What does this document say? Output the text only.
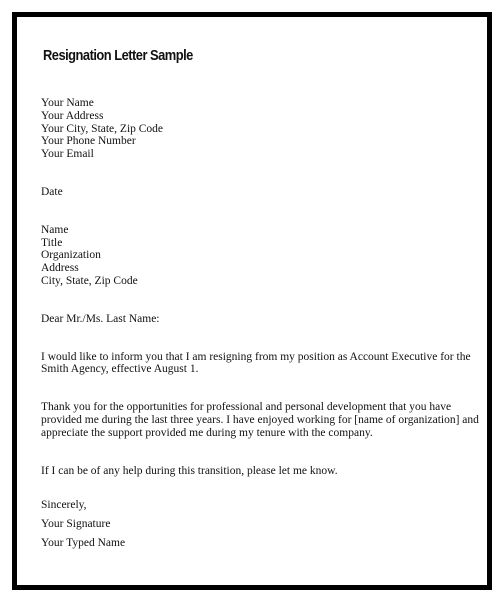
Resignation Letter Sample
Your Name
Your Address
Your City, State, Zip Code
Your Phone Number
Your Email
Date
Name
Title
Organization
Address
City, State, Zip Code
Dear Mr./Ms. Last Name:

I would like to inform you that I am resigning from my position as Account Executive for the Smith Agency, effective August 1.

Thank you for the opportunities for professional and personal development that you have provided me during the last three years. I have enjoyed working for [name of organization] and appreciate the support provided me during my tenure with the company.

If I can be of any help during this transition, please let me know.

Sincerely,
Your Signature
Your Typed Name
